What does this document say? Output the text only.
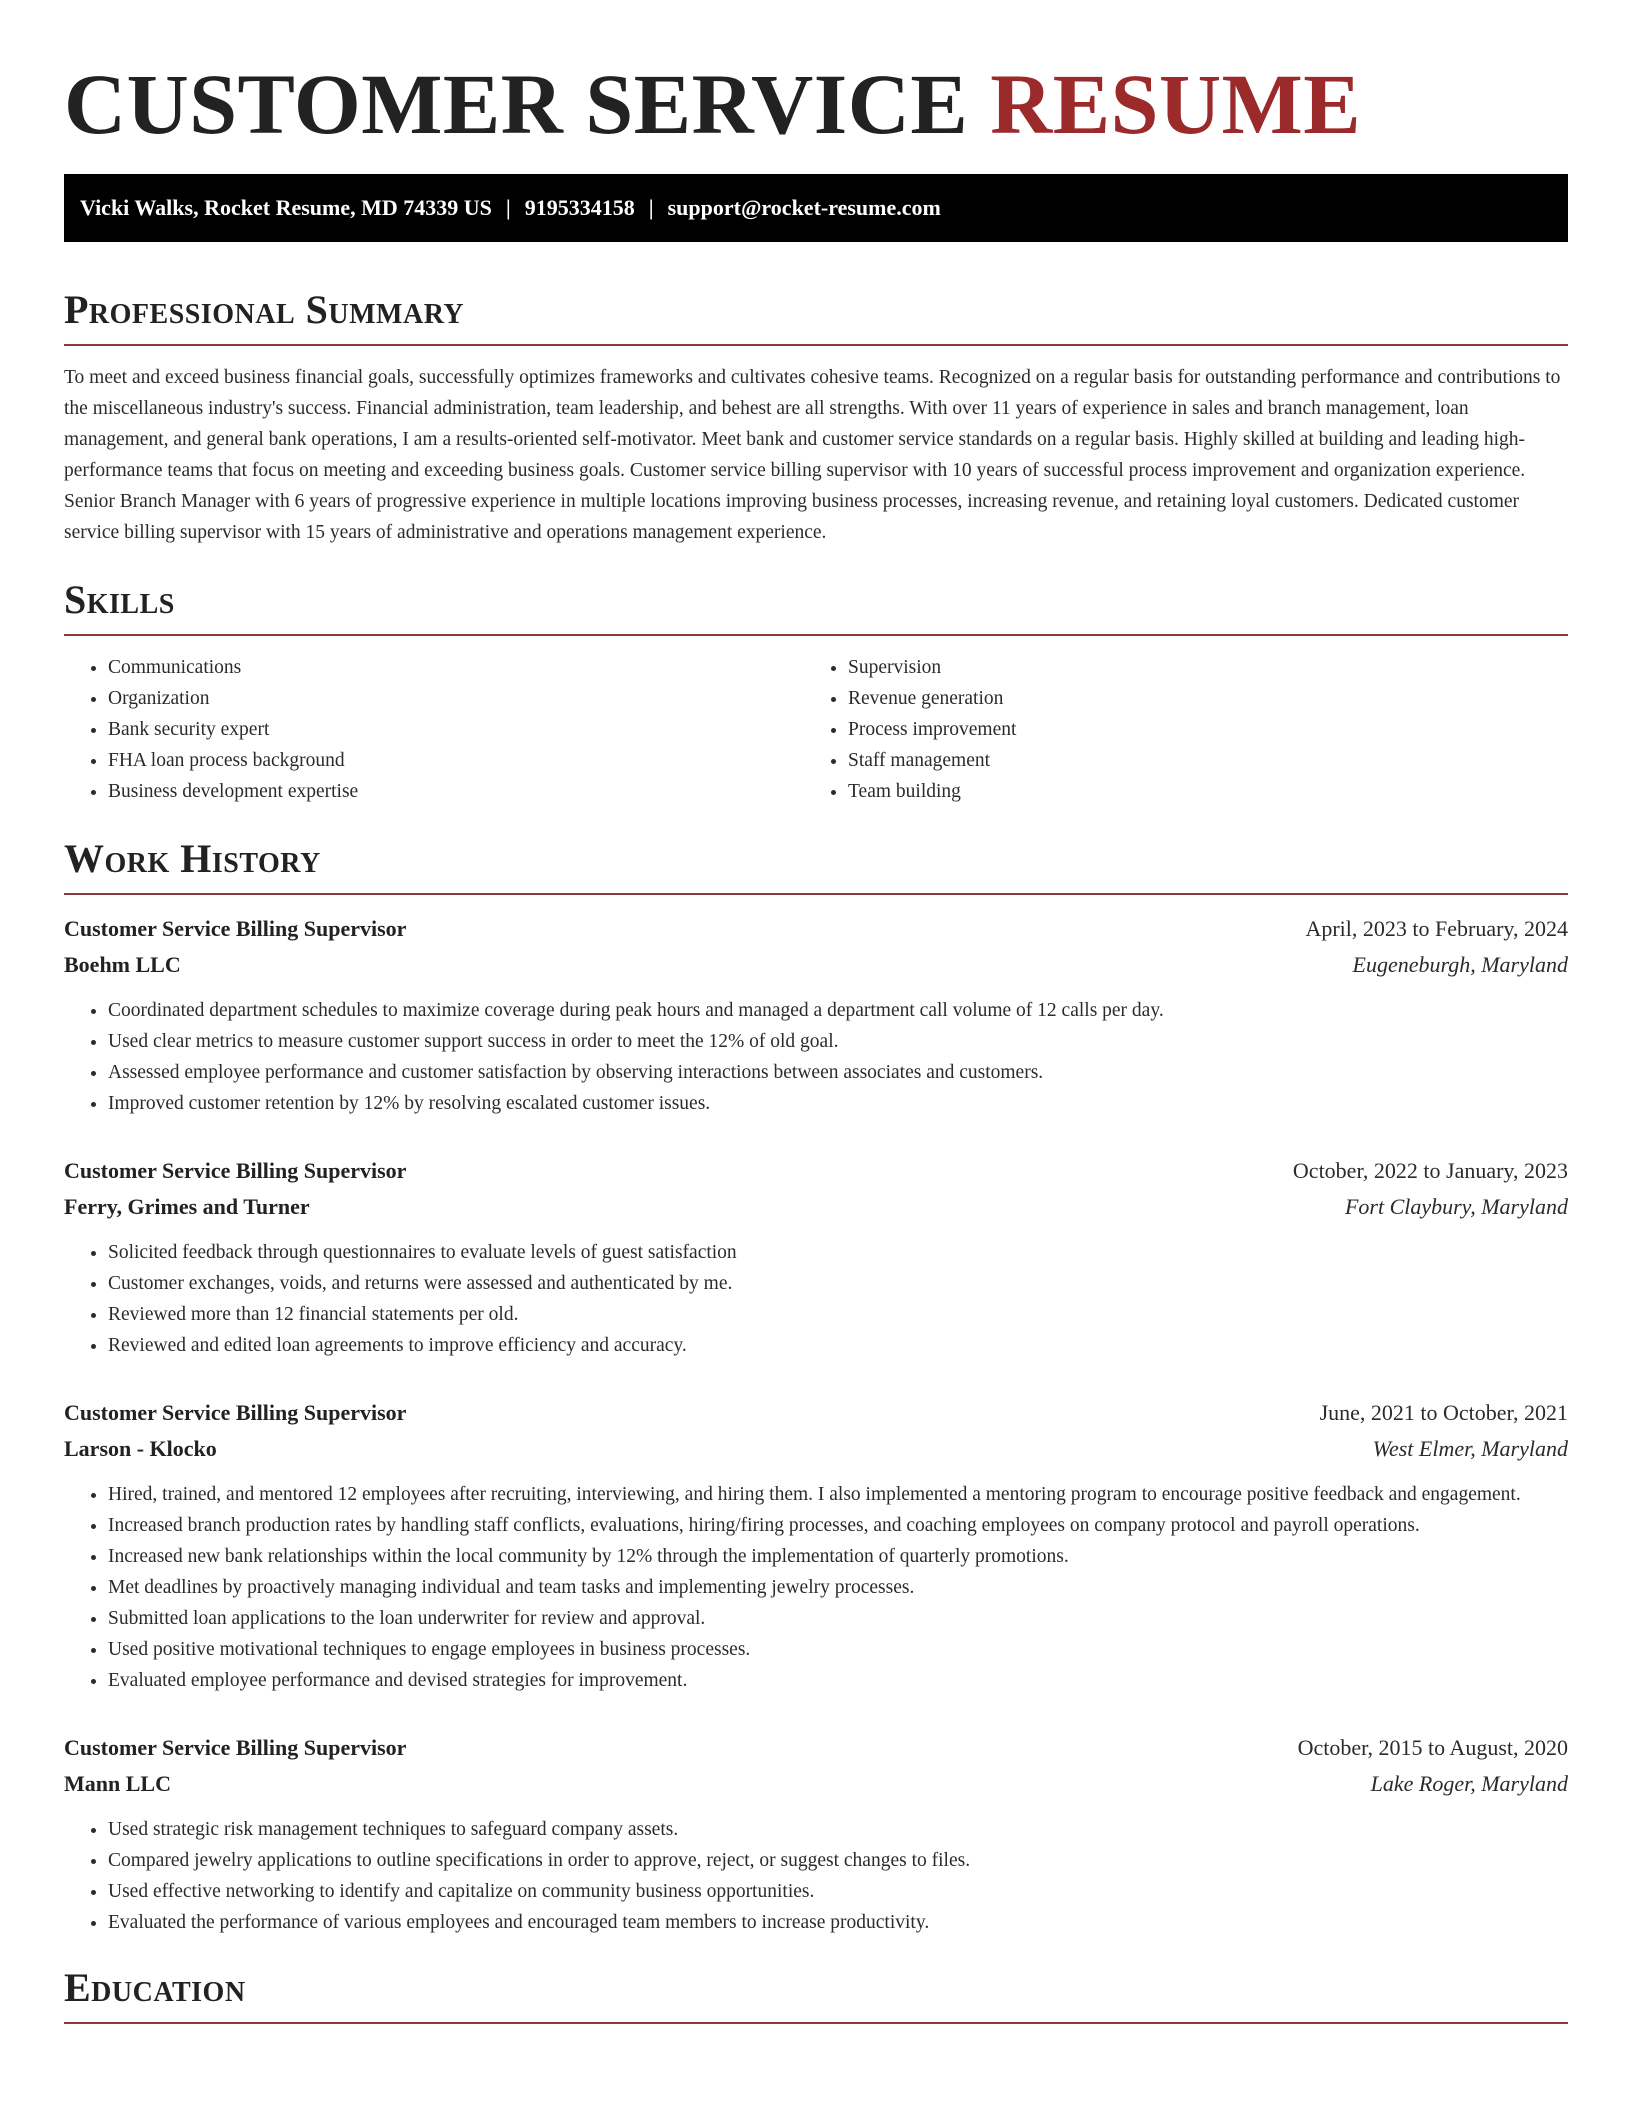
CUSTOMER SERVICE RESUME
Vicki Walks, Rocket Resume, MD 74339 US | 9195334158 | support@rocket-resume.com
Professional Summary

To meet and exceed business financial goals, successfully optimizes frameworks and cultivates cohesive teams. Recognized on a regular basis for outstanding performance and contributions to the miscellaneous industry's success. Financial administration, team leadership, and behest are all strengths. With over 11 years of experience in sales and branch management, loan management, and general bank operations, I am a results-oriented self-motivator. Meet bank and customer service standards on a regular basis. Highly skilled at building and leading high-performance teams that focus on meeting and exceeding business goals. Customer service billing supervisor with 10 years of successful process improvement and organization experience. Senior Branch Manager with 6 years of progressive experience in multiple locations improving business processes, increasing revenue, and retaining loyal customers. Dedicated customer service billing supervisor with 15 years of administrative and operations management experience.

Skills
• Communications
• Organization
• Bank security expert
• FHA loan process background
• Business development expertise
• Supervision
• Revenue generation
• Process improvement
• Staff management
• Team building
Work History
Customer Service Billing Supervisor	April, 2023 to February, 2024
Boehm LLC	Eugeneburgh, Maryland
• Coordinated department schedules to maximize coverage during peak hours and managed a department call volume of 12 calls per day.
• Used clear metrics to measure customer support success in order to meet the 12% of old goal.
• Assessed employee performance and customer satisfaction by observing interactions between associates and customers.
• Improved customer retention by 12% by resolving escalated customer issues.
Customer Service Billing Supervisor	October, 2022 to January, 2023
Ferry, Grimes and Turner	Fort Claybury, Maryland
• Solicited feedback through questionnaires to evaluate levels of guest satisfaction
• Customer exchanges, voids, and returns were assessed and authenticated by me.
• Reviewed more than 12 financial statements per old.
• Reviewed and edited loan agreements to improve efficiency and accuracy.
Customer Service Billing Supervisor	June, 2021 to October, 2021
Larson - Klocko	West Elmer, Maryland
• Hired, trained, and mentored 12 employees after recruiting, interviewing, and hiring them. I also implemented a mentoring program to encourage positive feedback and engagement.
• Increased branch production rates by handling staff conflicts, evaluations, hiring/firing processes, and coaching employees on company protocol and payroll operations.
• Increased new bank relationships within the local community by 12% through the implementation of quarterly promotions.
• Met deadlines by proactively managing individual and team tasks and implementing jewelry processes.
• Submitted loan applications to the loan underwriter for review and approval.
• Used positive motivational techniques to engage employees in business processes.
• Evaluated employee performance and devised strategies for improvement.
Customer Service Billing Supervisor	October, 2015 to August, 2020
Mann LLC	Lake Roger, Maryland
• Used strategic risk management techniques to safeguard company assets.
• Compared jewelry applications to outline specifications in order to approve, reject, or suggest changes to files.
• Used effective networking to identify and capitalize on community business opportunities.
• Evaluated the performance of various employees and encouraged team members to increase productivity.
Education
